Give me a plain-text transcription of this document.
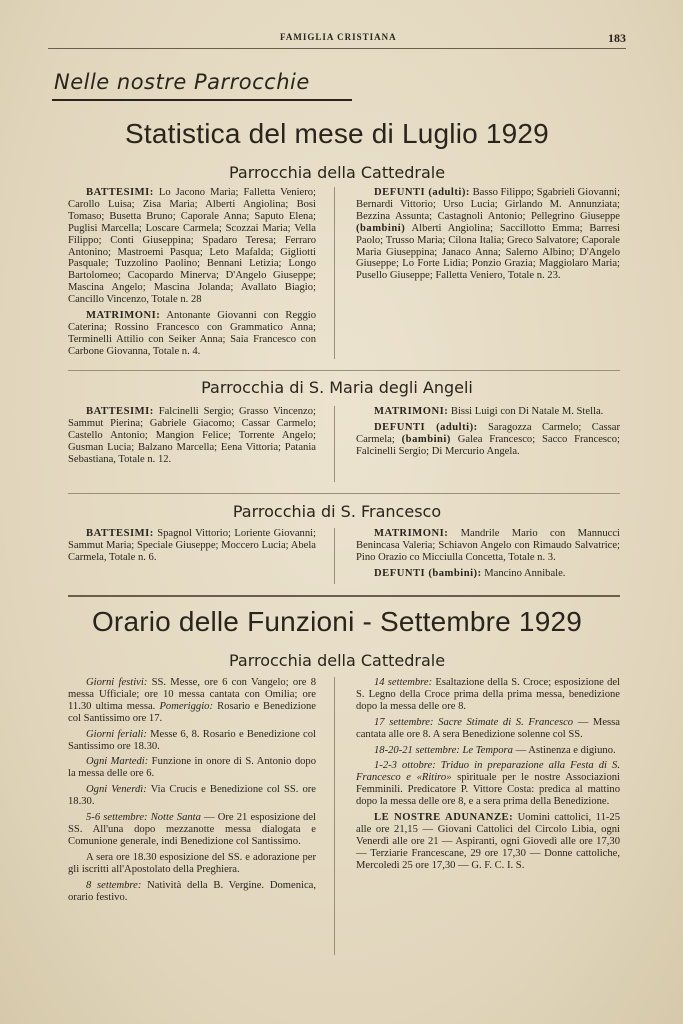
FAMIGLIA CRISTIANA	183
Nelle nostre Parrocchie
Statistica del mese di Luglio 1929
Parrocchia della Cattedrale

BATTESIMI: Lo Jacono Maria; Falletta Veniero; Carollo Luisa; Zisa Maria; Alberti Angiolina; Bosi Tomaso; Busetta Bruno; Caporale Anna; Saputo Elena; Puglisi Marcella; Loscare Carmela; Scozzai Maria; Vella Filippo; Conti Giuseppina; Spadaro Teresa; Ferraro Antonino; Mastroemi Pasqua; Leto Mafalda; Gigliotti Pasquale; Tuzzolino Paolino; Bennani Letizia; Longo Bartolomeo; Cacopardo Minerva; D'Angelo Giuseppe; Mascina Angelo; Mascina Jolanda; Avallato Biagio; Cancillo Vincenzo, Totale n. 28

MATRIMONI: Antonante Giovanni con Reggio Caterina; Rossino Francesco con Grammatico Anna; Terminelli Attilio con Seiker Anna; Saia Francesco con Carbone Giovanna, Totale n. 4.

DEFUNTI (adulti): Basso Filippo; Sgabrieli Giovanni; Bernardi Vittorio; Urso Lucia; Girlando M. Annunziata; Bezzina Assunta; Castagnoli Antonio; Pellegrino Giuseppe (bambini) Alberti Angiolina; Saccillotto Emma; Barresi Paolo; Trusso Maria; Cilona Italia; Greco Salvatore; Caporale Maria Giuseppina; Janaco Anna; Salerno Albino; D'Angelo Giuseppe; Lo Forte Lidia; Ponzio Grazia; Maggiolaro Maria; Pusello Giuseppe; Falletta Veniero, Totale n. 23.

Parrocchia di S. Maria degli Angeli

BATTESIMI: Falcinelli Sergio; Grasso Vincenzo; Sammut Pierina; Gabriele Giacomo; Cassar Carmelo; Castello Antonio; Mangion Felice; Torrente Angelo; Gusman Lucia; Balzano Marcella; Eena Vittoria; Patania Sebastiana, Totale n. 12.

MATRIMONI: Bissi Luigi con Di Natale M. Stella.

DEFUNTI (adulti): Saragozza Carmelo; Cassar Carmela; (bambini) Galea Francesco; Sacco Francesco; Falcinelli Sergio; Di Mercurio Angela.

Parrocchia di S. Francesco

BATTESIMI: Spagnol Vittorio; Loriente Giovanni; Sammut Maria; Speciale Giuseppe; Moccero Lucia; Abela Carmela, Totale n. 6.

MATRIMONI: Mandrile Mario con Mannucci Benincasa Valeria; Schiavon Angelo con Rimaudo Salvatrice; Pino Orazio co Micciulla Concetta, Totale n. 3.

DEFUNTI (bambini): Mancino Annibale.

Orario delle Funzioni - Settembre 1929
Parrocchia della Cattedrale

Giorni festivi: SS. Messe, ore 6 con Vangelo; ore 8 messa Ufficiale; ore 10 messa cantata con Omilia; ore 11.30 ultima messa. Pomeriggio: Rosario e Benedizione col Santissimo ore 17.

Giorni feriali: Messe 6, 8. Rosario e Benedizione col Santissimo ore 18.30.

Ogni Martedi: Funzione in onore di S. Antonio dopo la messa delle ore 6.

Ogni Venerdì: Via Crucis e Benedizione col SS. ore 18.30.

5-6 settembre: Notte Santa — Ore 21 esposizione del SS. All'una dopo mezzanotte messa dialogata e Comunione generale, indi Benedizione col Santissimo.

A sera ore 18.30 esposizione del SS. e adorazione per gli iscritti all'Apostolato della Preghiera.

8 settembre: Natività della B. Vergine. Domenica, orario festivo.

14 settembre: Esaltazione della S. Croce; esposizione del S. Legno della Croce prima della prima messa, benedizione dopo la messa delle ore 8.

17 settembre: Sacre Stimate di S. Francesco — Messa cantata alle ore 8. A sera Benedizione solenne col SS.

18-20-21 settembre: Le Tempora — Astinenza e digiuno.

1-2-3 ottobre: Triduo in preparazione alla Festa di S. Francesco e «Ritiro» spirituale per le nostre Associazioni Femminili. Predicatore P. Vittore Costa: predica al mattino dopo la messa delle ore 8, e a sera prima della Benedizione.

LE NOSTRE ADUNANZE: Uomini cattolici, 11-25 alle ore 21,15 — Giovani Cattolici del Circolo Libia, ogni Venerdì alle ore 21 — Aspiranti, ogni Giovedì alle ore 17,30 — Terziarie Francescane, 29 ore 17,30 — Donne cattoliche, Mercoledì 25 ore 17,30 — G. F. C. I. S.
